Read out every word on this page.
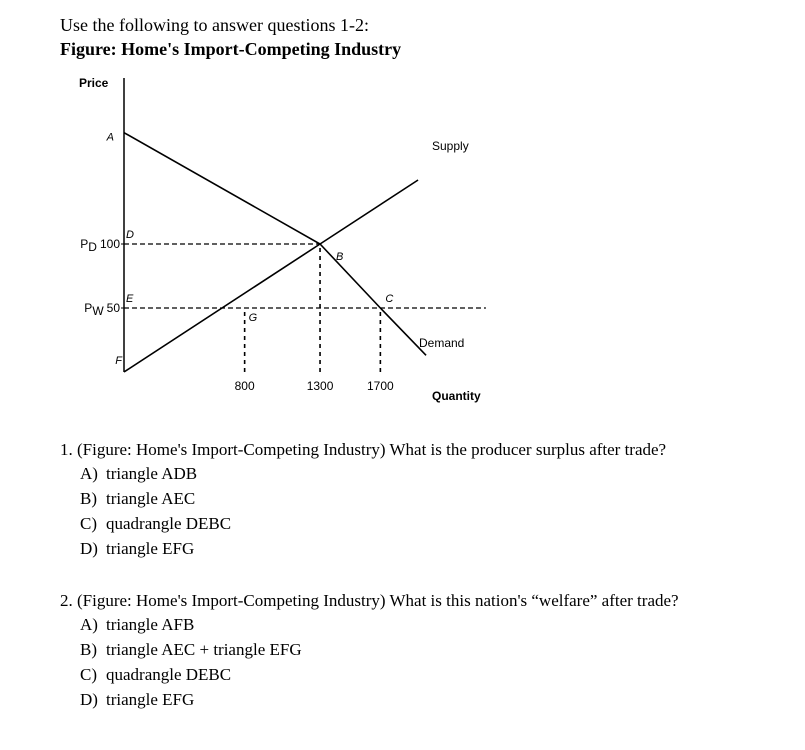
Use the following to answer questions 1-2:
Figure: Home's Import-Competing Industry
Price
Quantity
A
B
C
D
E
F
G
800	1300	1700
PD 100
PW 50
Supply
Demand
1. (Figure: Home's Import-Competing Industry) What is the producer surplus after trade?
A) triangle ADB
B) triangle AEC
C) quadrangle DEBC
D) triangle EFG
2. (Figure: Home's Import-Competing Industry) What is this nation's “welfare” after trade?
A) triangle AFB
B) triangle AEC + triangle EFG
C) quadrangle DEBC
D) triangle EFG
